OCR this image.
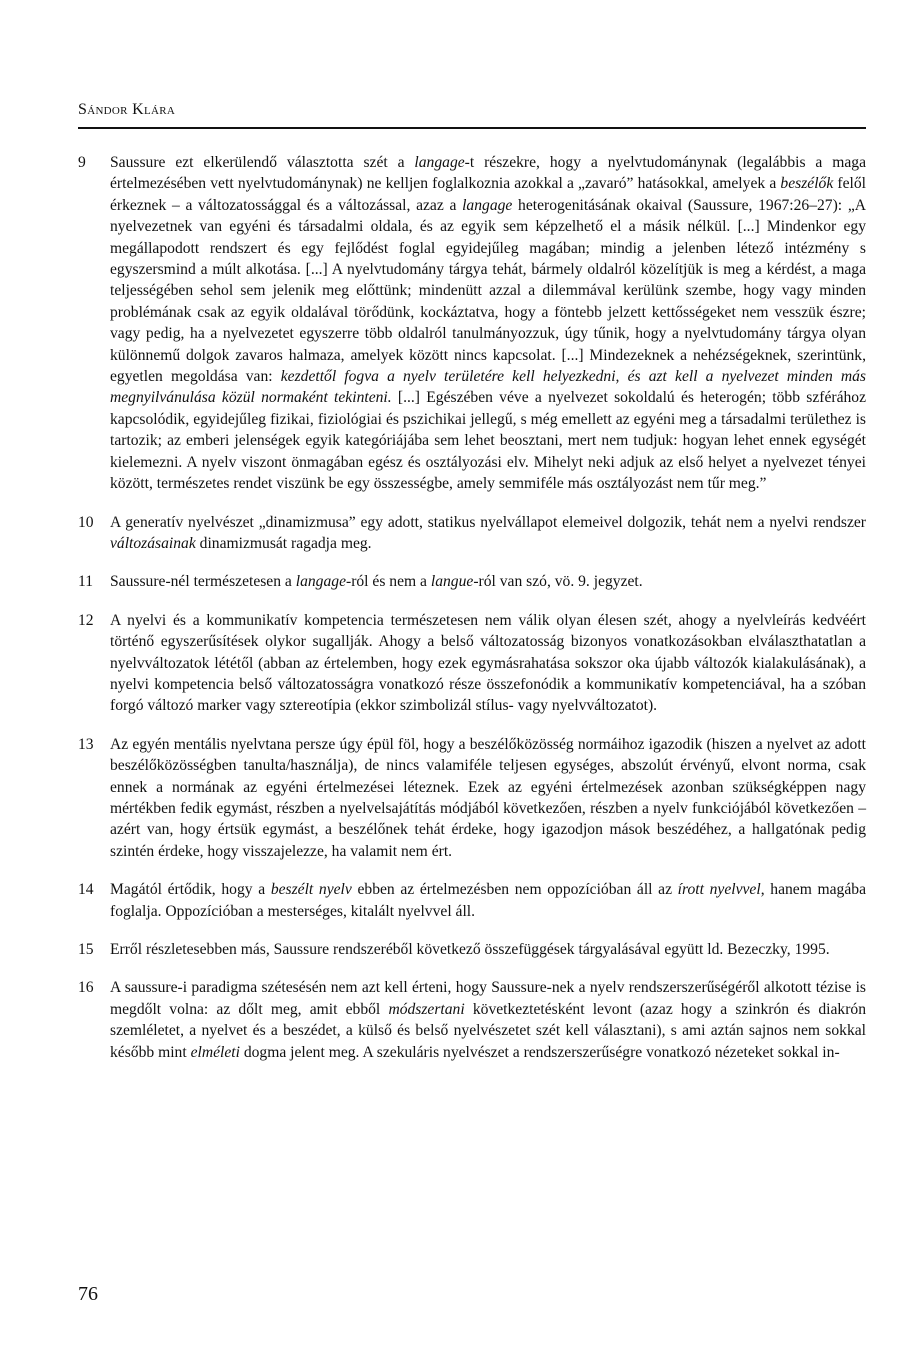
Sándor Klára
9 Saussure ezt elkerülendő választotta szét a langage-t részekre, hogy a nyelvtudománynak (legalábbis a maga értelmezésében vett nyelvtudománynak) ne kelljen foglalkoznia azokkal a „zavaró” hatásokkal, amelyek a beszélők felől érkeznek – a változatossággal és a változással, azaz a langage heterogenitásának okaival (Saussure, 1967:26–27): „A nyelvezetnek van egyéni és társadalmi oldala, és az egyik sem képzelhető el a másik nélkül. [...] Mindenkor egy megállapodott rendszert és egy fejlődést foglal egyidejűleg magában; mindig a jelenben létező intézmény s egyszersmind a múlt alkotása. [...] A nyelvtudomány tárgya tehát, bármely oldalról közelítjük is meg a kérdést, a maga teljességében sehol sem jelenik meg előttünk; mindenütt azzal a dilemmával kerülünk szembe, hogy vagy minden problémának csak az egyik oldalával törődünk, kockáztatva, hogy a föntebb jelzett kettősségeket nem vesszük észre; vagy pedig, ha a nyelvezetet egyszerre több oldalról tanulmányozzuk, úgy tűnik, hogy a nyelvtudomány tárgya olyan különnemű dolgok zavaros halmaza, amelyek között nincs kapcsolat. [...] Mindezeknek a nehézségeknek, szerintünk, egyetlen megoldása van: kezdettől fogva a nyelv területére kell helyezkedni, és azt kell a nyelvezet minden más megnyilvánulása közül normaként tekinteni. [...] Egészében véve a nyelvezet sokoldalú és heterogén; több szférához kapcsolódik, egyidejűleg fizikai, fiziológiai és pszichikai jellegű, s még emellett az egyéni meg a társadalmi területhez is tartozik; az emberi jelenségek egyik kategóriájába sem lehet beosztani, mert nem tudjuk: hogyan lehet ennek egységét kielemezni. A nyelv viszont önmagában egész és osztályozási elv. Mihelyt neki adjuk az első helyet a nyelvezet tényei között, természetes rendet viszünk be egy összességbe, amely semmiféle más osztályozást nem tűr meg.”
10 A generatív nyelvészet „dinamizmusa” egy adott, statikus nyelvállapot elemeivel dolgozik, tehát nem a nyelvi rendszer változásainak dinamizmusát ragadja meg.
11 Saussure-nél természetesen a langage-ról és nem a langue-ról van szó, vö. 9. jegyzet.
12 A nyelvi és a kommunikatív kompetencia természetesen nem válik olyan élesen szét, ahogy a nyelvleírás kedvéért történő egyszerűsítések olykor sugallják. Ahogy a belső változatosság bizonyos vonatkozásokban elválaszthatatlan a nyelvváltozatok lététől (abban az értelemben, hogy ezek egymásrahatása sokszor oka újabb változók kialakulásának), a nyelvi kompetencia belső változatosságra vonatkozó része összefonódik a kommunikatív kompetenciával, ha a szóban forgó változó marker vagy sztereotípia (ekkor szimbolizál stílus- vagy nyelvváltozatot).
13 Az egyén mentális nyelvtana persze úgy épül föl, hogy a beszélőközösség normáihoz igazodik (hiszen a nyelvet az adott beszélőközösségben tanulta/használja), de nincs valamiféle teljesen egységes, abszolút érvényű, elvont norma, csak ennek a normának az egyéni értelmezései léteznek. Ezek az egyéni értelmezések azonban szükségképpen nagy mértékben fedik egymást, részben a nyelvelsajátítás módjából következően, részben a nyelv funkciójából következően – azért van, hogy értsük egymást, a beszélőnek tehát érdeke, hogy igazodjon mások beszédéhez, a hallgatónak pedig szintén érdeke, hogy visszajelezze, ha valamit nem ért.
14 Magától értődik, hogy a beszélt nyelv ebben az értelmezésben nem oppozícióban áll az írott nyelvvel, hanem magába foglalja. Oppozícióban a mesterséges, kitalált nyelvvel áll.
15 Erről részletesebben más, Saussure rendszeréből következő összefüggések tárgyalásával együtt ld. Bezeczky, 1995.
16 A saussure-i paradigma szétesésén nem azt kell érteni, hogy Saussure-nek a nyelv rendszerszerűségéről alkotott tézise is megdőlt volna: az dőlt meg, amit ebből módszertani következtetésként levont (azaz hogy a szinkrón és diakrón szemléletet, a nyelvet és a beszédet, a külső és belső nyelvészetet szét kell választani), s ami aztán sajnos nem sokkal később mint elméleti dogma jelent meg. A szekuláris nyelvészet a rendszerszerűségre vonatkozó nézeteket sokkal in-
76
